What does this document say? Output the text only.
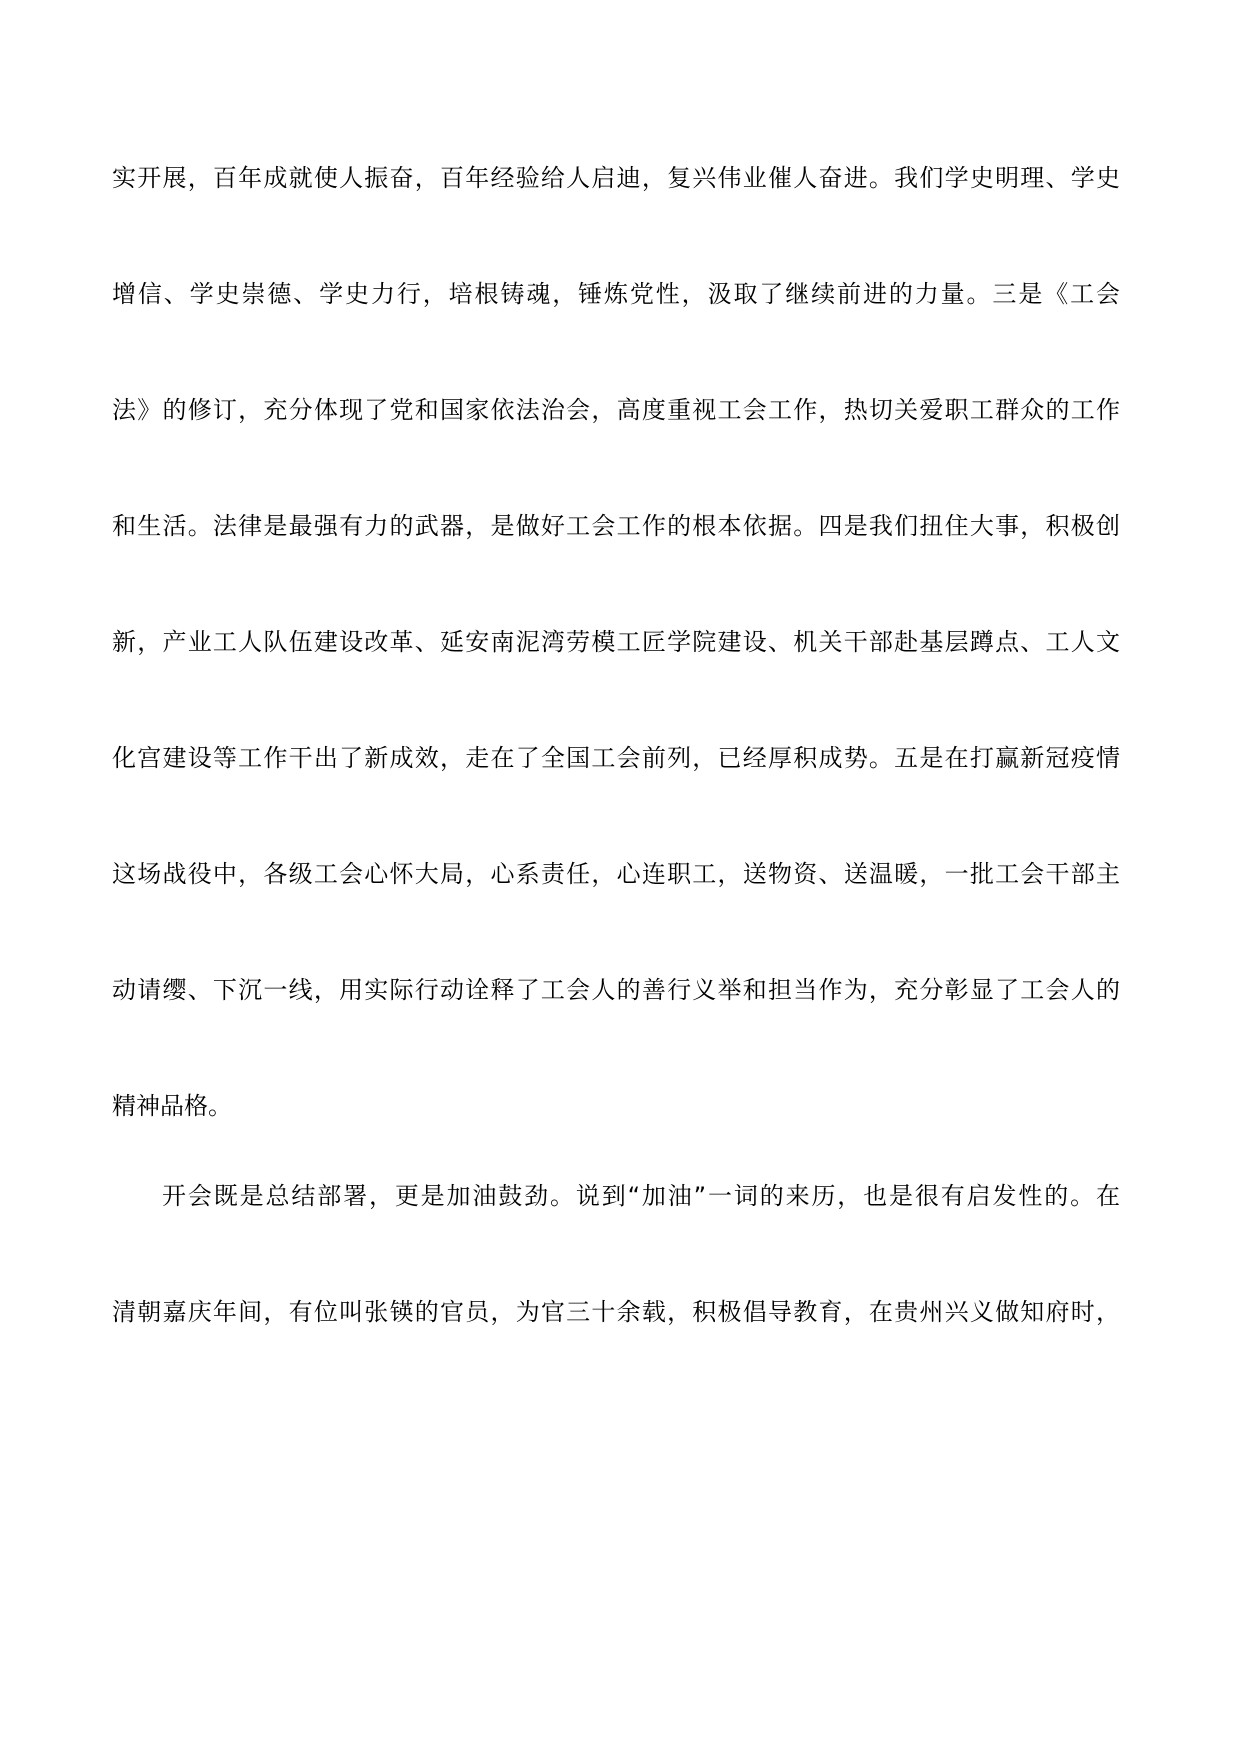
实开展，百年成就使人振奋，百年经验给人启迪，复兴伟业催人奋进。我们学史明理、学史
增信、学史崇德、学史力行，培根铸魂，锤炼党性，汲取了继续前进的力量。三是《工会
法》的修订，充分体现了党和国家依法治会，高度重视工会工作，热切关爱职工群众的工作
和生活。法律是最强有力的武器，是做好工会工作的根本依据。四是我们扭住大事，积极创
新，产业工人队伍建设改革、延安南泥湾劳模工匠学院建设、机关干部赴基层蹲点、工人文
化宫建设等工作干出了新成效，走在了全国工会前列，已经厚积成势。五是在打赢新冠疫情
这场战役中，各级工会心怀大局，心系责任，心连职工，送物资、送温暖，一批工会干部主
动请缨、下沉一线，用实际行动诠释了工会人的善行义举和担当作为，充分彰显了工会人的
精神品格。
开会既是总结部署，更是加油鼓劲。说到“加油”一词的来历，也是很有启发性的。在
清朝嘉庆年间，有位叫张锳的官员，为官三十余载，积极倡导教育，在贵州兴义做知府时，
